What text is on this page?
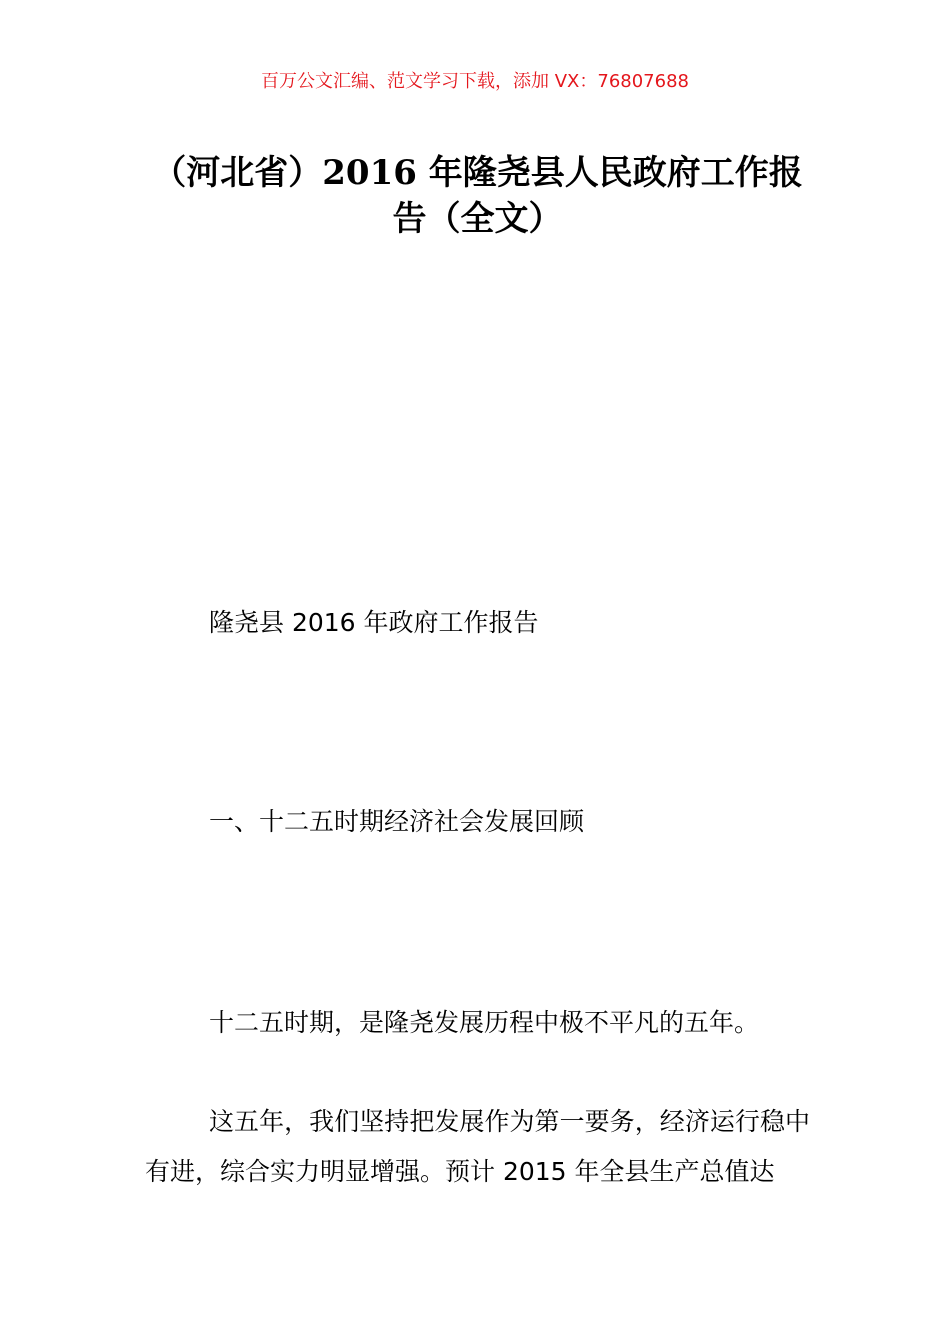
百万公文汇编、范文学习下载，添加 VX：76807688
（河北省）2016 年隆尧县人民政府工作报
告（全文）

隆尧县 2016 年政府工作报告

一、十二五时期经济社会发展回顾

十二五时期，是隆尧发展历程中极不平凡的五年。

这五年，我们坚持把发展作为第一要务，经济运行稳中有进，综合实力明显增强。预计 2015 年全县生产总值达
